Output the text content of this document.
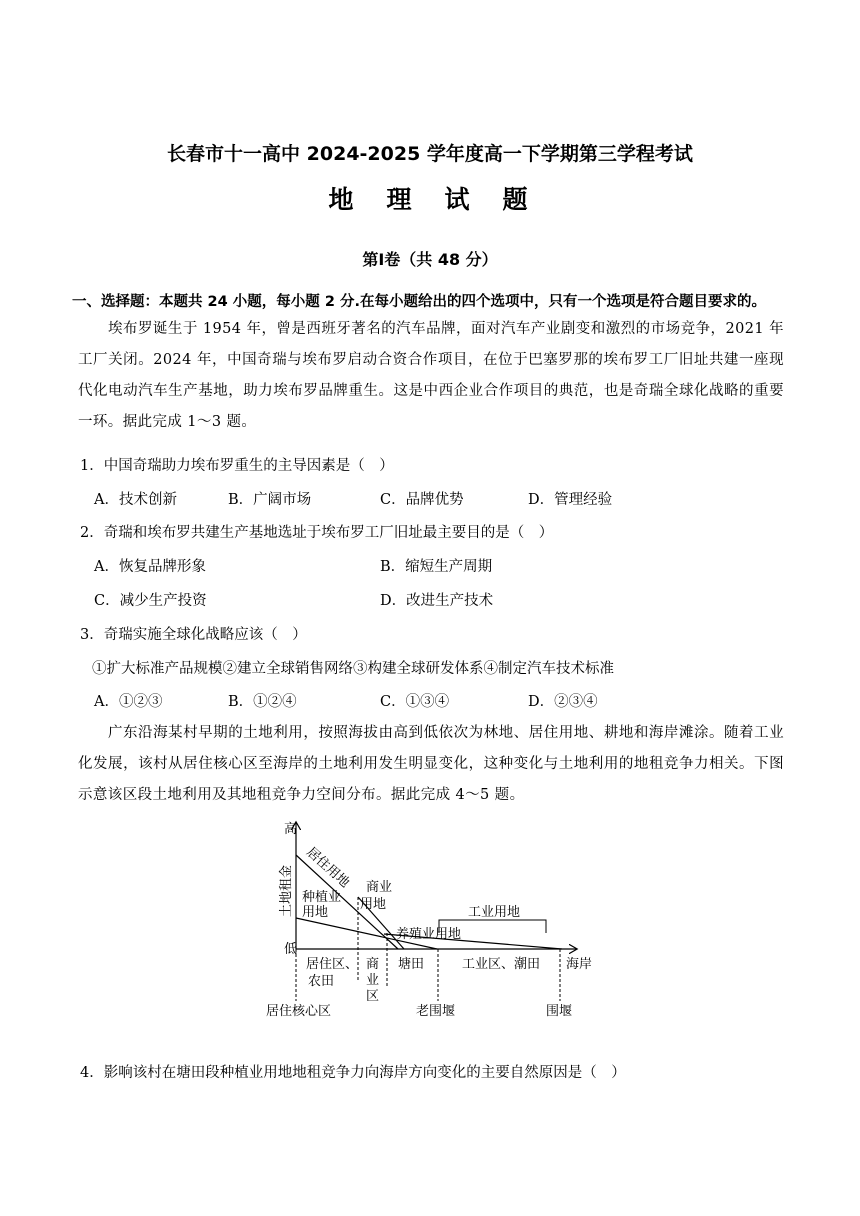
长春市十一高中 2024-2025 学年度高一下学期第三学程考试
地　理　试　题
第Ⅰ卷（共 48 分）
一、选择题：本题共 24 小题，每小题 2 分.在每小题给出的四个选项中，只有一个选项是符合题目要求的。
埃布罗诞生于 1954 年，曾是西班牙著名的汽车品牌，面对汽车产业剧变和激烈的市场竞争，2021 年工厂关闭。2024 年，中国奇瑞与埃布罗启动合资合作项目，在位于巴塞罗那的埃布罗工厂旧址共建一座现代化电动汽车生产基地，助力埃布罗品牌重生。这是中西企业合作项目的典范，也是奇瑞全球化战略的重要一环。据此完成 1～3 题。
1．中国奇瑞助力埃布罗重生的主导因素是（　）
A．技术创新	B．广阔市场	C．品牌优势	D．管理经验
2．奇瑞和埃布罗共建生产基地选址于埃布罗工厂旧址最主要目的是（　）
A．恢复品牌形象	B．缩短生产周期
C．减少生产投资	D．改进生产技术
3．奇瑞实施全球化战略应该（　）
①扩大标准产品规模②建立全球销售网络③构建全球研发体系④制定汽车技术标准
A．①②③	B．①②④	C．①③④	D．②③④
广东沿海某村早期的土地利用，按照海拔由高到低依次为林地、居住用地、耕地和海岸滩涂。随着工业化发展，该村从居住核心区至海岸的土地利用发生明显变化，这种变化与土地利用的地租竞争力相关。下图示意该区段土地利用及其地租竞争力空间分布。据此完成 4～5 题。
高
低
土地租金 居住用地
种植业
用地
商业
用地
养殖业用地
工业用地
居住区、
农田
商
业
区
塘田	工业区、潮田 海岸
居住核心区	老围堰	围堰
4．影响该村在塘田段种植业用地地租竞争力向海岸方向变化的主要自然原因是（　）
